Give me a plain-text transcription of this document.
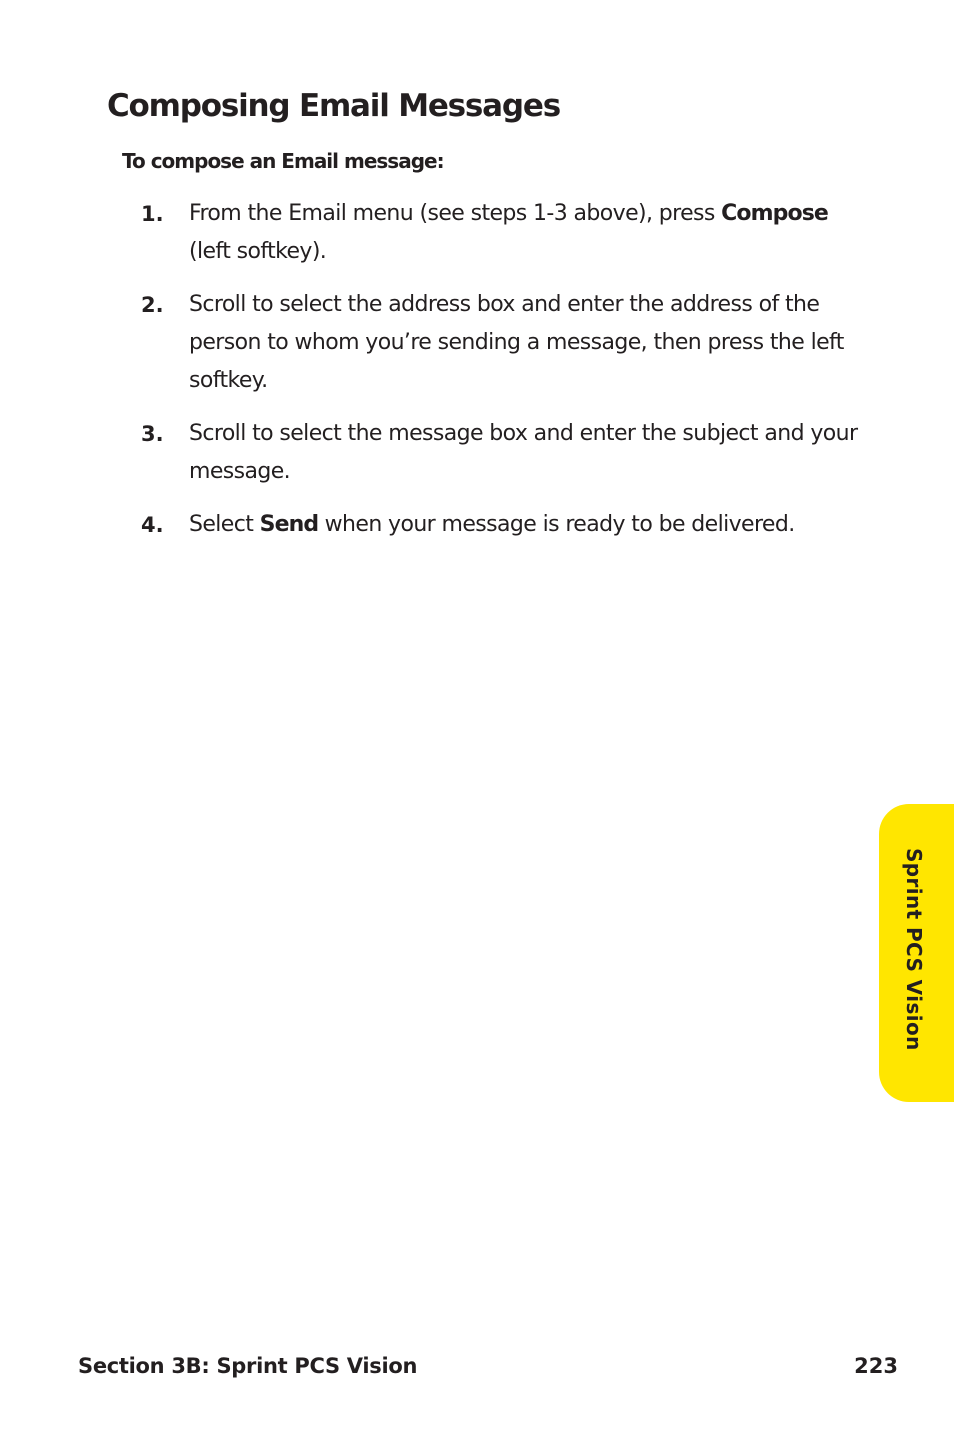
Composing Email Messages

To compose an Email message:

1. From the Email menu (see steps 1-3 above), press Compose (left softkey).
2. Scroll to select the address box and enter the address of the person to whom you’re sending a message, then press the left softkey.
3. Scroll to select the message box and enter the subject and your message.
4. Select Send when your message is ready to be delivered.
Sprint PCS Vision
Section 3B: Sprint PCS Vision	223
